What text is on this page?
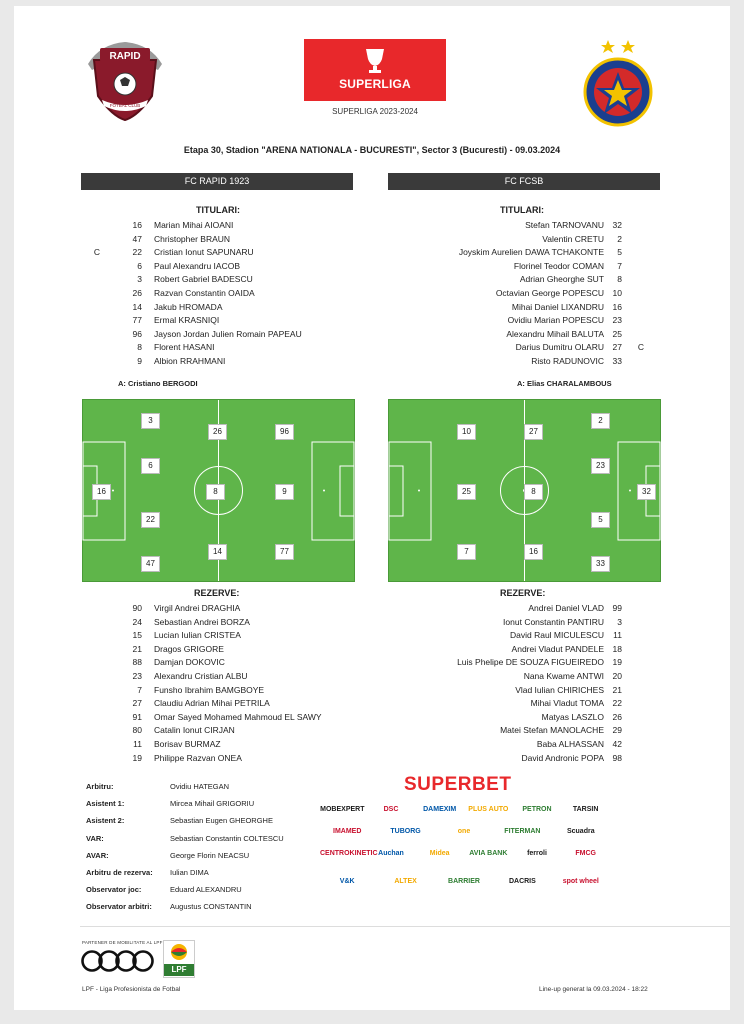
RAPID
FOTBAL CLUB
SUPERLIGA
SUPERLIGA 2023-2024
Etapa 30, Stadion "ARENA NATIONALA - BUCURESTI", Sector 3 (Bucuresti) - 09.03.2024
FC RAPID 1923	FC FCSB
TITULARI:	TITULARI:
16 Marian Mihai AIOANI
47 Christopher BRAUN
C	22 Cristian Ionut SAPUNARU
6 Paul Alexandru IACOB
3 Robert Gabriel BADESCU
26 Razvan Constantin OAIDA
14 Jakub HROMADA
77 Ermal KRASNIQI
96 Jayson Jordan Julien Romain PAPEAU
8 Florent HASANI
9 Albion RRAHMANI
Stefan TARNOVANU	32
Valentin CRETU	2
Joyskim Aurelien DAWA TCHAKONTE	5
Florinel Teodor COMAN	7
Adrian Gheorghe SUT	8
Octavian George POPESCU	10
Mihai Daniel LIXANDRU	16
Ovidiu Marian POPESCU	23
Alexandru Mihail BALUTA	25
Darius Dumitru OLARU	27 C
Risto RADUNOVIC	33
A: Cristiano BERGODI	A: Elias CHARALAMBOUS
3
26	96
6
16	8	9
22
47
14	77
10	27
2
23
25	8	32
5
7	16
33
REZERVE:	REZERVE:
90 Virgil Andrei DRAGHIA
24 Sebastian Andrei BORZA
15 Lucian Iulian CRISTEA
21 Dragos GRIGORE
88 Damjan DOKOVIC
23 Alexandru Cristian ALBU
7 Funsho Ibrahim BAMGBOYE
27 Claudiu Adrian Mihai PETRILA
91 Omar Sayed Mohamed Mahmoud EL SAWY
80 Catalin Ionut CIRJAN
11 Borisav BURMAZ
19 Philippe Razvan ONEA
Andrei Daniel VLAD	99
Ionut Constantin PANTIRU	3
David Raul MICULESCU	11
Andrei Vladut PANDELE	18
Luis Phelipe DE SOUZA FIGUEIREDO	19
Nana Kwame ANTWI	20
Vlad Iulian CHIRICHES	21
Mihai Vladut TOMA	22
Matyas LASZLO	26
Matei Stefan MANOLACHE	29
Baba ALHASSAN	42
David Andronic POPA	98
Arbitru:	Ovidiu HATEGAN
Asistent 1:	Mircea Mihail GRIGORIU
Asistent 2:	Sebastian Eugen GHEORGHE
VAR:	Sebastian Constantin COLTESCU
AVAR:	George Florin NEACSU
Arbitru de rezerva: Iulian DIMA
Observator joc:	Eduard ALEXANDRU
Observator arbitri: Augustus CONSTANTIN
SUPERBET
MOBEXPERT	DSC	DAMEXIM	PLUS AUTO	PETRON	TARSIN
IMAMED	TUBORG	one	FITERMAN	Scuadra
CENTROKINETIC Auchan	Midea	AVIA BANK	ferroli	FMCG
V&K	ALTEX	BARRIER	DACRIS	spot wheel
PARTENER DE MOBILITATE AL LPF
LPF
LPF - Liga Profesionista de Fotbal	Line-up generat la 09.03.2024 - 18:22
